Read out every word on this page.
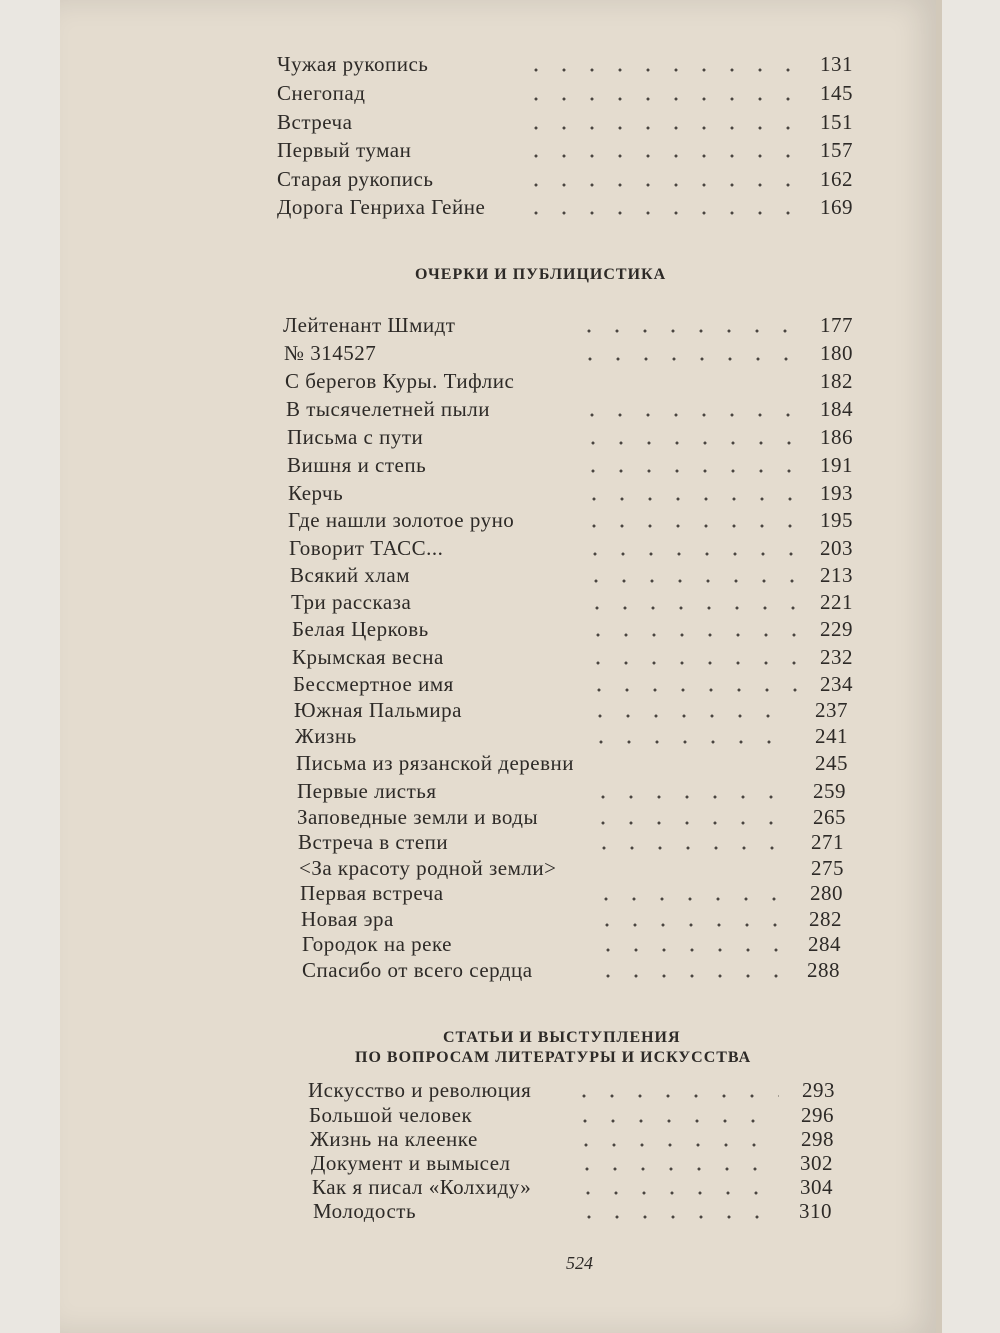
Чужая рукопись	131
Снегопад	145
Встреча	151
Первый туман	157
Старая рукопись	162
Дорога Генриха Гейне	169
ОЧЕРКИ И ПУБЛИЦИСТИКА
Лейтенант Шмидт	177
№ 314527	180
С берегов Куры. Тифлис	182
В тысячелетней пыли	184
Письма с пути	186
Вишня и степь	191
Керчь	193
Где нашли золотое руно	195
Говорит ТАСС...	203
Всякий хлам	213
Три рассказа	221
Белая Церковь	229
Крымская весна	232
Бессмертное имя	234
Южная Пальмира	237
Жизнь	241
Письма из рязанской деревни	245
Первые листья	259
Заповедные земли и воды	265
Встреча в степи	271
<За красоту родной земли>	275
Первая встреча	280
Новая эра	282
Городок на реке	284
Спасибо от всего сердца	288
СТАТЬИ И ВЫСТУПЛЕНИЯ
ПО ВОПРОСАМ ЛИТЕРАТУРЫ И ИСКУССТВА
Искусство и революция	293
Большой человек	296
Жизнь на клеенке	298
Документ и вымысел	302
Как я писал «Колхиду»	304
Молодость	310
524
